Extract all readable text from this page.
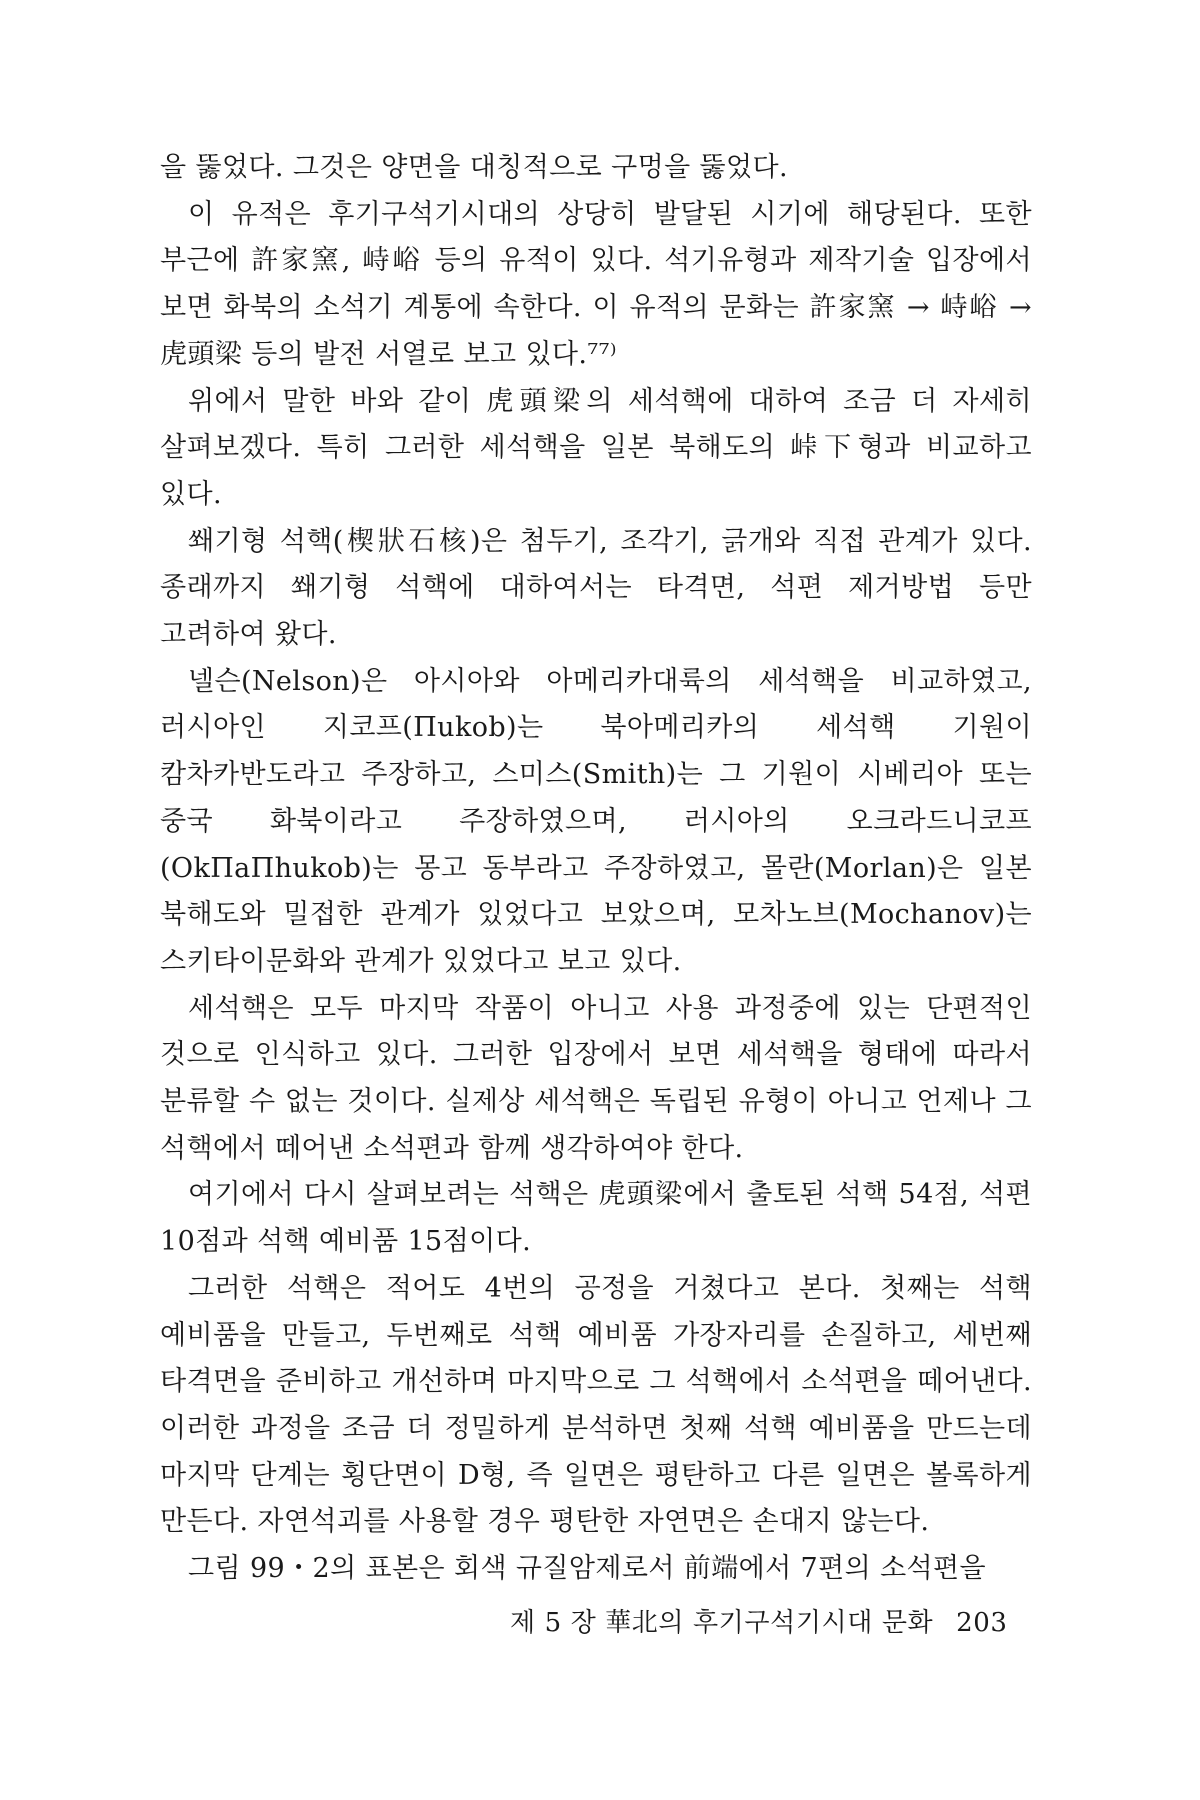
을 뚫었다. 그것은 양면을 대칭적으로 구멍을 뚫었다.

이 유적은 후기구석기시대의 상당히 발달된 시기에 해당된다. 또한 부근에 許家窯, 峙峪 등의 유적이 있다. 석기유형과 제작기술 입장에서 보면 화북의 소석기 계통에 속한다. 이 유적의 문화는 許家窯 → 峙峪 → 虎頭梁 등의 발전 서열로 보고 있다.⁷⁷⁾

위에서 말한 바와 같이 虎頭梁의 세석핵에 대하여 조금 더 자세히 살펴보겠다. 특히 그러한 세석핵을 일본 북해도의 峠下형과 비교하고 있다.

쐐기형 석핵(楔狀石核)은 첨두기, 조각기, 긁개와 직접 관계가 있다. 종래까지 쐐기형 석핵에 대하여서는 타격면, 석편 제거방법 등만 고려하여 왔다.

넬슨(Nelson)은 아시아와 아메리카대륙의 세석핵을 비교하였고, 러시아인 지코프(Пukob)는 북아메리카의 세석핵 기원이 캄차카반도라고 주장하고, 스미스(Smith)는 그 기원이 시베리아 또는 중국 화북이라고 주장하였으며, 러시아의 오크라드니코프(OkПaПhukob)는 몽고 동부라고 주장하였고, 몰란(Morlan)은 일본 북해도와 밀접한 관계가 있었다고 보았으며, 모차노브(Mochanov)는 스키타이문화와 관계가 있었다고 보고 있다.

세석핵은 모두 마지막 작품이 아니고 사용 과정중에 있는 단편적인 것으로 인식하고 있다. 그러한 입장에서 보면 세석핵을 형태에 따라서 분류할 수 없는 것이다. 실제상 세석핵은 독립된 유형이 아니고 언제나 그 석핵에서 떼어낸 소석편과 함께 생각하여야 한다.

여기에서 다시 살펴보려는 석핵은 虎頭梁에서 출토된 석핵 54점, 석편 10점과 석핵 예비품 15점이다.

그러한 석핵은 적어도 4번의 공정을 거쳤다고 본다. 첫째는 석핵 예비품을 만들고, 두번째로 석핵 예비품 가장자리를 손질하고, 세번째 타격면을 준비하고 개선하며 마지막으로 그 석핵에서 소석편을 떼어낸다. 이러한 과정을 조금 더 정밀하게 분석하면 첫째 석핵 예비품을 만드는데 마지막 단계는 횡단면이 D형, 즉 일면은 평탄하고 다른 일면은 볼록하게 만든다. 자연석괴를 사용할 경우 평탄한 자연면은 손대지 않는다.

그림 99・2의 표본은 회색 규질암제로서 前端에서 7편의 소석편을

제 5 장 華北의 후기구석기시대 문화 203
